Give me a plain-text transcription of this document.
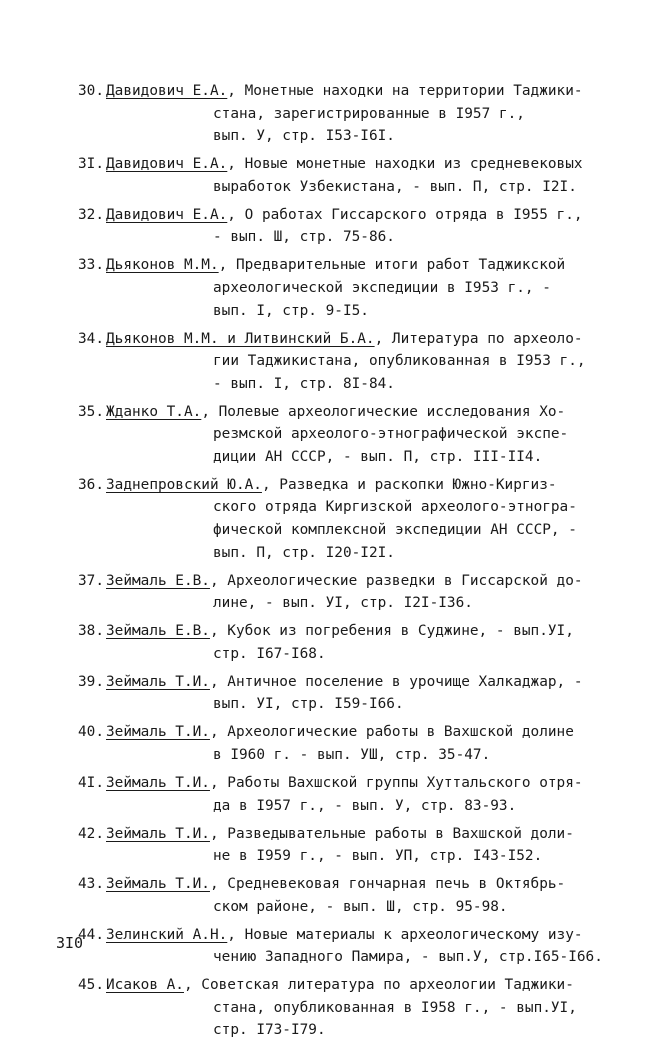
30. Давидович Е.А., Монетные находки на территории Таджики-
стана, зарегистрированные в I957 г.,
вып. У, стр. I53-I6I.
3I. Давидович Е.А., Новые монетные находки из средневековых
выработок Узбекистана, - вып. П, стр. I2I.
32. Давидович Е.А., О работах Гиссарского отряда в I955 г.,
- вып. Ш, стр. 75-86.
33. Дьяконов М.М., Предварительные итоги работ Таджикской
археологической экспедиции в I953 г., -
вып. I, стр. 9-I5.
34. Дьяконов М.М. и Литвинский Б.А., Литература по археоло-
гии Таджикистана, опубликованная в I953 г.,
- вып. I, стр. 8I-84.
35. Жданко Т.А., Полевые археологические исследования Хо-
резмской археолого-этнографической экспе-
диции АН СССР, - вып. П, стр. III-II4.
36. Заднепровский Ю.А., Разведка и раскопки Южно-Киргиз-
ского отряда Киргизской археолого-этногра-
фической комплексной экспедиции АН СССР, -
вып. П, стр. I20-I2I.
37. Зеймаль Е.В., Археологические разведки в Гиссарской до-
лине, - вып. УI, стр. I2I-I36.
38. Зеймаль Е.В., Кубок из погребения в Суджине, - вып.УI,
стр. I67-I68.
39. Зеймаль Т.И., Античное поселение в урочище Халкаджар, -
вып. УI, стр. I59-I66.
40. Зеймаль Т.И., Археологические работы в Вахшской долине
в I960 г. - вып. УШ, стр. 35-47.
4I. Зеймаль Т.И., Работы Вахшской группы Хуттальского отря-
да в I957 г., - вып. У, стр. 83-93.
42. Зеймаль Т.И., Разведывательные работы в Вахшской доли-
не в I959 г., - вып. УП, стр. I43-I52.
43. Зеймаль Т.И., Средневековая гончарная печь в Октябрь-
ском районе, - вып. Ш, стр. 95-98.
44. Зелинский А.Н., Новые материалы к археологическому изу-
чению Западного Памира, - вып.У, стр.I65-I66.
45. Исаков А., Советская литература по археологии Таджики-
стана, опубликованная в I958 г., - вып.УI,
стр. I73-I79.
3I0
